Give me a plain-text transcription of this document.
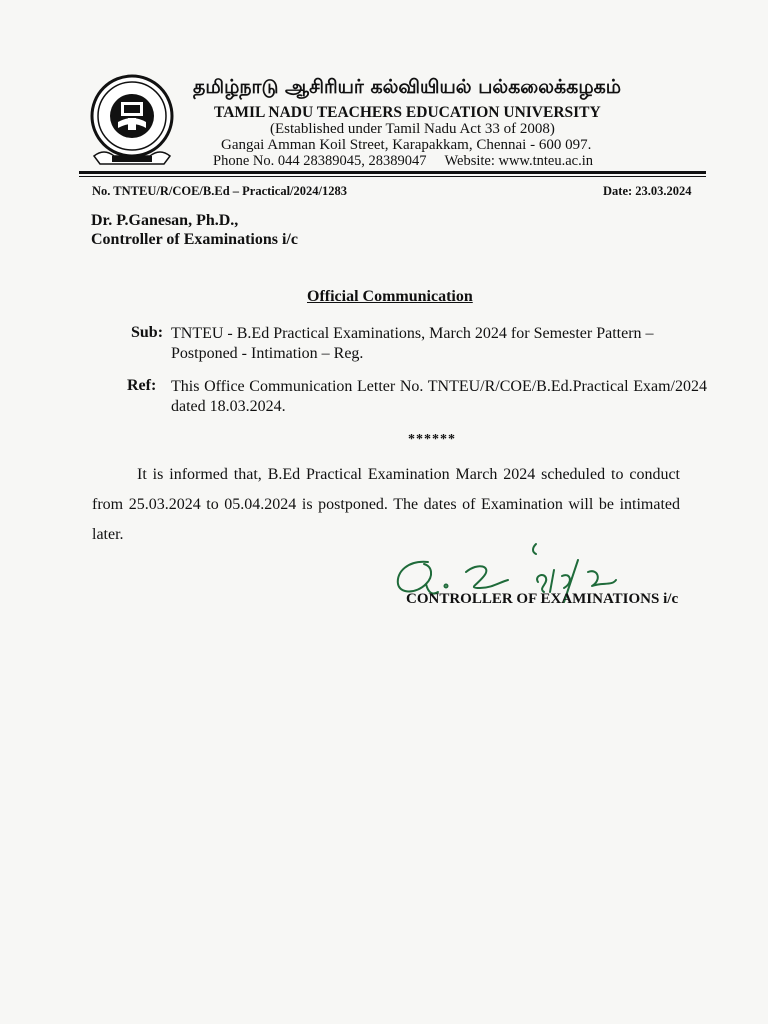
தமிழ்நாடு ஆசிரியர் கல்வியியல் பல்கலைக்கழகம்
TAMIL NADU TEACHERS EDUCATION UNIVERSITY
(Established under Tamil Nadu Act 33 of 2008)
Gangai Amman Koil Street, Karapakkam, Chennai - 600 097.
Phone No. 044 28389045, 28389047 Website: www.tnteu.ac.in
No. TNTEU/R/COE/B.Ed – Practical/2024/1283	Date: 23.03.2024
Dr. P.Ganesan, Ph.D.,
Controller of Examinations i/c
Official Communication
Sub: TNTEU - B.Ed Practical Examinations, March 2024 for Semester Pattern – Postponed - Intimation – Reg.
Ref: This Office Communication Letter No. TNTEU/R/COE/B.Ed.Practical Exam/2024 dated 18.03.2024.
******
It is informed that, B.Ed Practical Examination March 2024 scheduled to conduct from 25.03.2024 to 05.04.2024 is postponed. The dates of Examination will be intimated later.
CONTROLLER OF EXAMINATIONS i/c
